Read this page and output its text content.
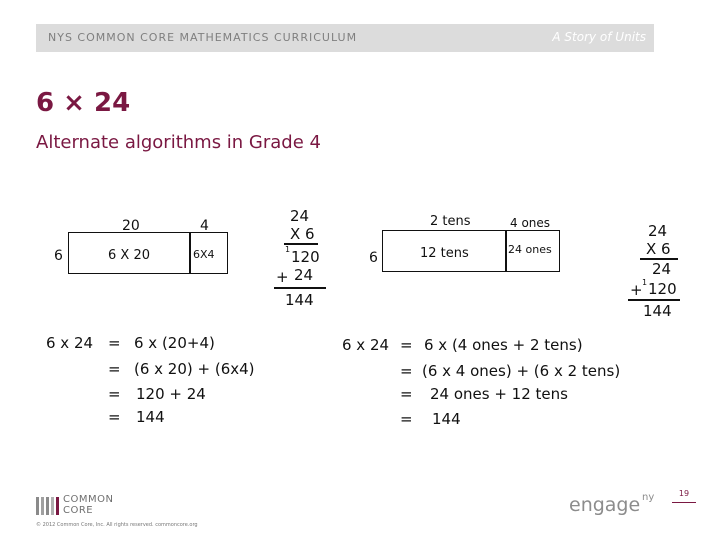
NYS COMMON CORE MATHEMATICS CURRICULUM	A Story of Units
6 × 24
Alternate algorithms in Grade 4
20	4
6	6 X 20	6X4
24
X 6
1 120
+ 24
144
2 tens	4 ones
6	12 tens	24 ones
24
X 6
24
+ 1 120
144
6 x 24 = 6 x (20+4)
= (6 x 20) + (6x4)
= 120 + 24
= 144
6 x 24 = 6 x (4 ones + 2 tens)
= (6 x 4 ones) + (6 x 2 tens)
= 24 ones + 12 tens
= 144
COMMON
CORE
© 2012 Common Core, Inc. All rights reserved. commoncore.org
engage ny	19
